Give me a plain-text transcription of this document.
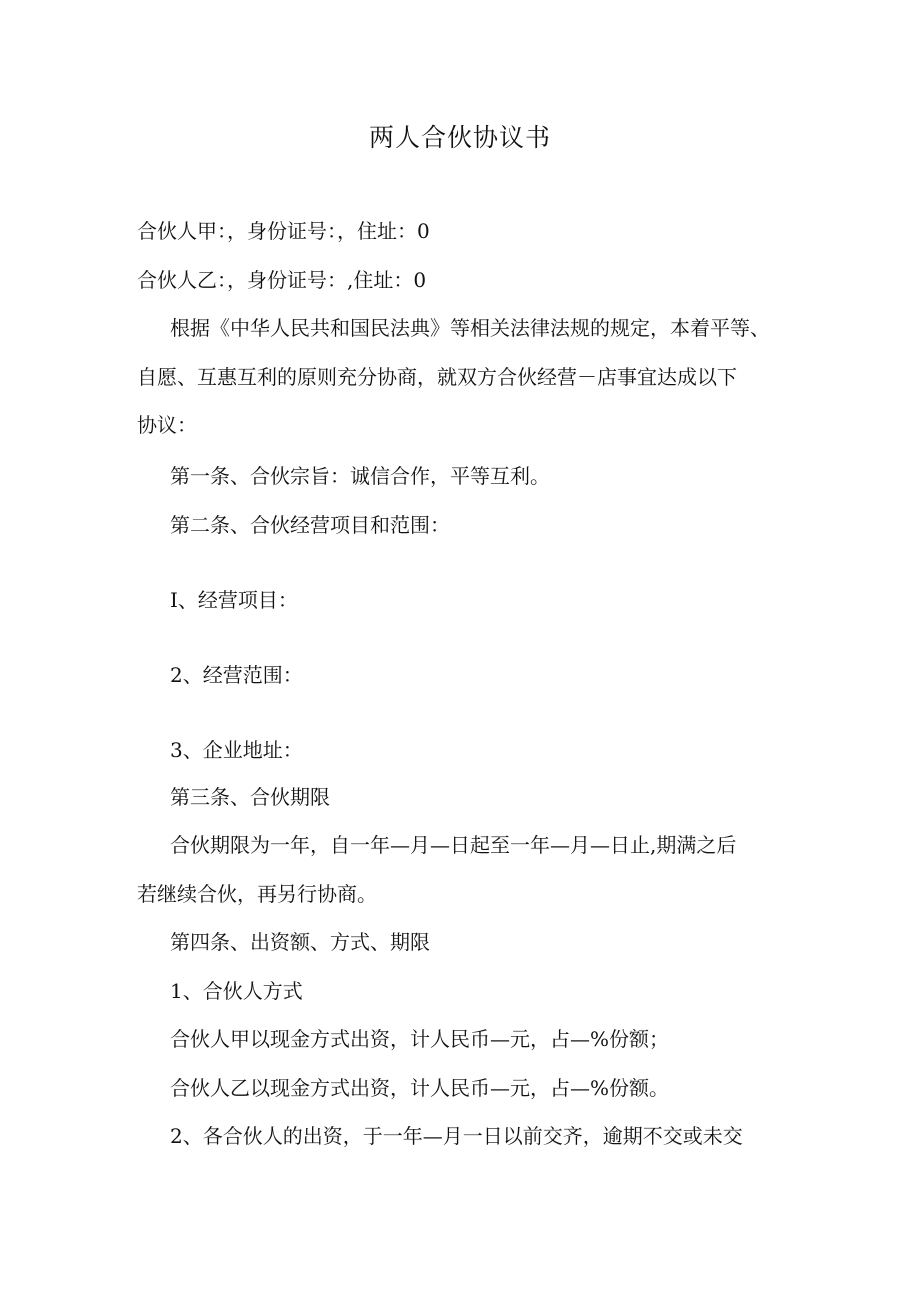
两人合伙协议书

合伙人甲：，身份证号：，住址：0

合伙人乙：，身份证号：,住址：0

根据《中华人民共和国民法典》等相关法律法规的规定，本着平等、

自愿、互惠互利的原则充分协商，就双方合伙经营－店事宜达成以下

协议：

第一条、合伙宗旨：诚信合作，平等互利。

第二条、合伙经营项目和范围：

I、经营项目：

2、经营范围：

3、企业地址：

第三条、合伙期限

合伙期限为一年，自一年—月—日起至一年—月—日止,期满之后

若继续合伙，再另行协商。

第四条、出资额、方式、期限

1、合伙人方式

合伙人甲以现金方式出资，计人民币—元，占—%份额；

合伙人乙以现金方式出资，计人民币—元，占—%份额。

2、各合伙人的出资，于一年—月一日以前交齐，逾期不交或未交
